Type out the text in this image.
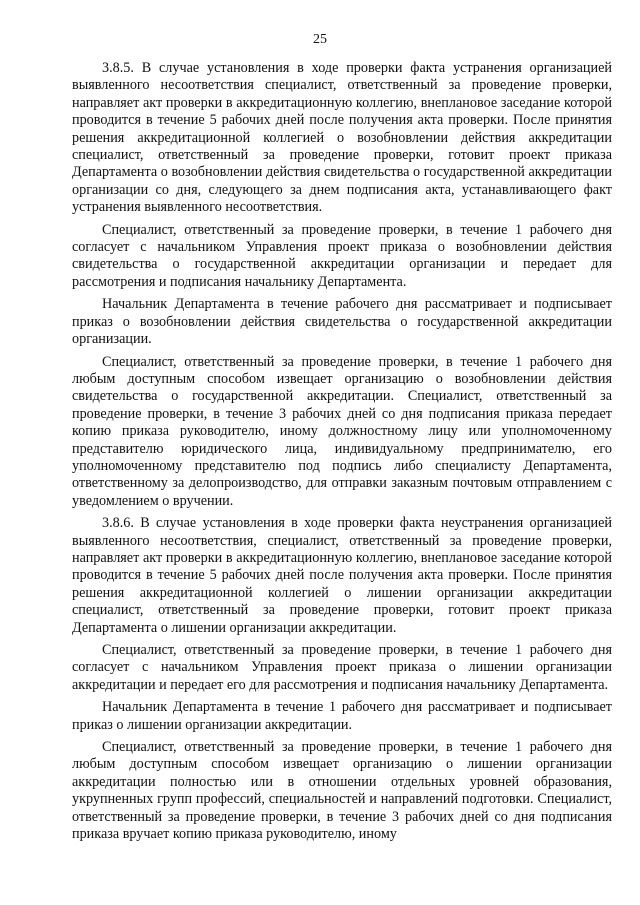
25

3.8.5. В случае установления в ходе проверки факта устранения организацией выявленного несоответствия специалист, ответственный за проведение проверки, направляет акт проверки в аккредитационную коллегию, внеплановое заседание которой проводится в течение 5 рабочих дней после получения акта проверки. После принятия решения аккредитационной коллегией о возобновлении действия аккредитации специалист, ответственный за проведение проверки, готовит проект приказа Департамента о возобновлении действия свидетельства о государственной аккредитации организации со дня, следующего за днем подписания акта, устанавливающего факт устранения выявленного несоответствия.

Специалист, ответственный за проведение проверки, в течение 1 рабочего дня согласует с начальником Управления проект приказа о возобновлении действия свидетельства о государственной аккредитации организации и передает для рассмотрения и подписания начальнику Департамента.

Начальник Департамента в течение рабочего дня рассматривает и подписывает приказ о возобновлении действия свидетельства о государственной аккредитации организации.

Специалист, ответственный за проведение проверки, в течение 1 рабочего дня любым доступным способом извещает организацию о возобновлении действия свидетельства о государственной аккредитации. Специалист, ответственный за проведение проверки, в течение 3 рабочих дней со дня подписания приказа передает копию приказа руководителю, иному должностному лицу или уполномоченному представителю юридического лица, индивидуальному предпринимателю, его уполномоченному представителю под подпись либо специалисту Департамента, ответственному за делопроизводство, для отправки заказным почтовым отправлением с уведомлением о вручении.

3.8.6. В случае установления в ходе проверки факта неустранения организацией выявленного несоответствия, специалист, ответственный за проведение проверки, направляет акт проверки в аккредитационную коллегию, внеплановое заседание которой проводится в течение 5 рабочих дней после получения акта проверки. После принятия решения аккредитационной коллегией о лишении организации аккредитации специалист, ответственный за проведение проверки, готовит проект приказа Департамента о лишении организации аккредитации.

Специалист, ответственный за проведение проверки, в течение 1 рабочего дня согласует с начальником Управления проект приказа о лишении организации аккредитации и передает его для рассмотрения и подписания начальнику Департамента.

Начальник Департамента в течение 1 рабочего дня рассматривает и подписывает приказ о лишении организации аккредитации.

Специалист, ответственный за проведение проверки, в течение 1 рабочего дня любым доступным способом извещает организацию о лишении организации аккредитации полностью или в отношении отдельных уровней образования, укрупненных групп профессий, специальностей и направлений подготовки. Специалист, ответственный за проведение проверки, в течение 3 рабочих дней со дня подписания приказа вручает копию приказа руководителю, иному
